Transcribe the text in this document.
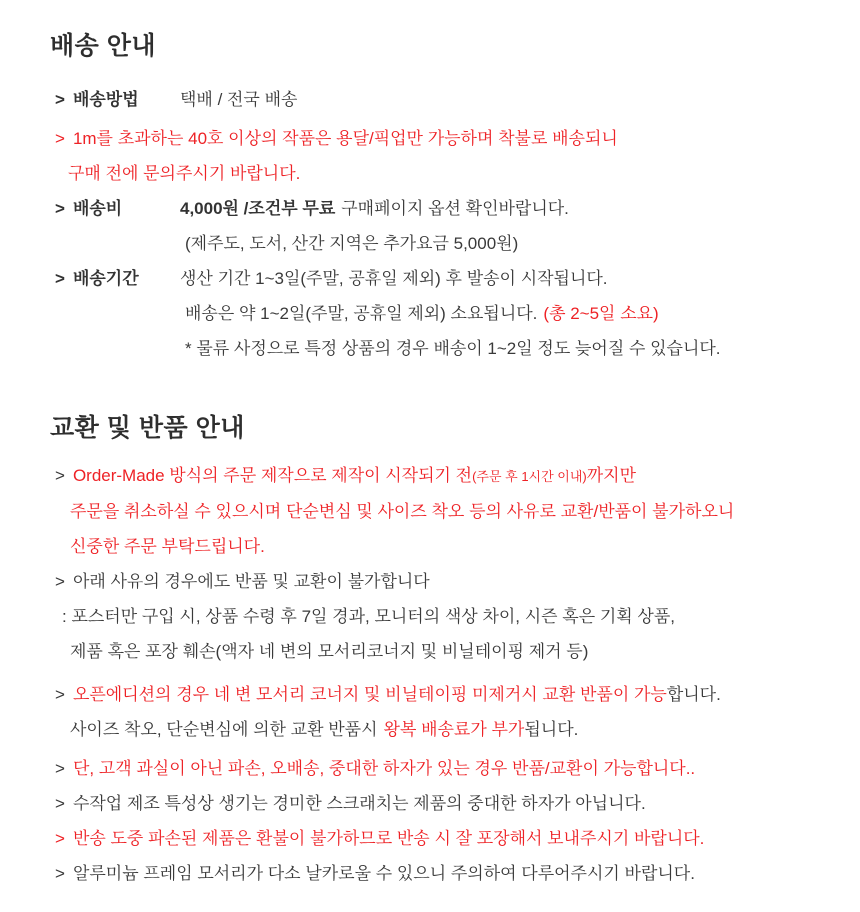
배송 안내
> 배송방법	택배 / 전국 배송
> 1m를 초과하는 40호 이상의 작품은 용달/픽업만 가능하며 착불로 배송되니
구매 전에 문의주시기 바랍니다.
> 배송비	4,000원 /조건부 무료 구매페이지 옵션 확인바랍니다.
(제주도, 도서, 산간 지역은 추가요금 5,000원)
> 배송기간	생산 기간 1~3일(주말, 공휴일 제외) 후 발송이 시작됩니다.
배송은 약 1~2일(주말, 공휴일 제외) 소요됩니다. (총 2~5일 소요)
* 물류 사정으로 특정 상품의 경우 배송이 1~2일 정도 늦어질 수 있습니다.
교환 및 반품 안내
> Order-Made 방식의 주문 제작으로 제작이 시작되기 전(주문 후 1시간 이내)까지만
주문을 취소하실 수 있으시며 단순변심 및 사이즈 착오 등의 사유로 교환/반품이 불가하오니
신중한 주문 부탁드립니다.
> 아래 사유의 경우에도 반품 및 교환이 불가합니다
: 포스터만 구입 시, 상품 수령 후 7일 경과, 모니터의 색상 차이, 시즌 혹은 기획 상품,
제품 혹은 포장 훼손(액자 네 변의 모서리코너지 및 비닐테이핑 제거 등)
> 오픈에디션의 경우 네 변 모서리 코너지 및 비닐테이핑 미제거시 교환 반품이 가능합니다.
사이즈 착오, 단순변심에 의한 교환 반품시 왕복 배송료가 부가됩니다.
> 단, 고객 과실이 아닌 파손, 오배송, 중대한 하자가 있는 경우 반품/교환이 가능합니다..
> 수작업 제조 특성상 생기는 경미한 스크래치는 제품의 중대한 하자가 아닙니다.
> 반송 도중 파손된 제품은 환불이 불가하므로 반송 시 잘 포장해서 보내주시기 바랍니다.
> 알루미늄 프레임 모서리가 다소 날카로울 수 있으니 주의하여 다루어주시기 바랍니다.
